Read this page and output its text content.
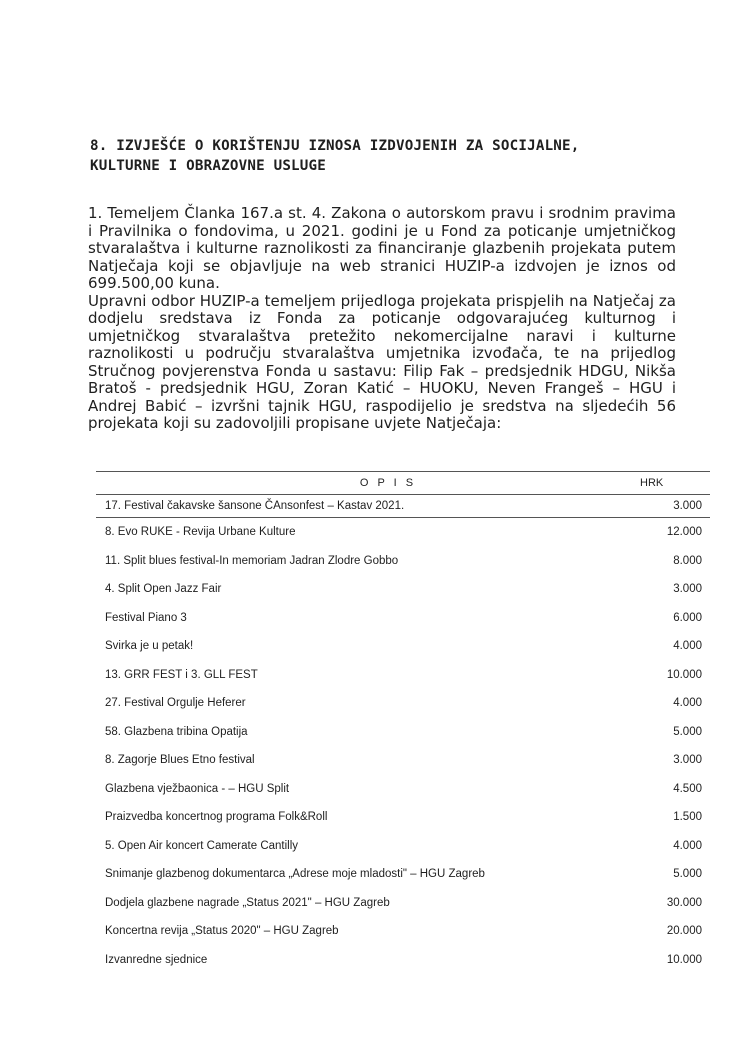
8. IZVJEŠĆE O KORIŠTENJU IZNOSA IZDVOJENIH ZA SOCIJALNE,
KULTURNE I OBRAZOVNE USLUGE

1. Temeljem Članka 167.a st. 4. Zakona o autorskom pravu i srodnim pravima i Pravilnika o fondovima, u 2021. godini je u Fond za poticanje umjetničkog stvaralaštva i kulturne raznolikosti za financiranje glazbenih projekata putem Natječaja koji se objavljuje na web stranici HUZIP-a izdvojen je iznos od 699.500,00 kuna.

Upravni odbor HUZIP-a temeljem prijedloga projekata prispjelih na Natječaj za dodjelu sredstava iz Fonda za poticanje odgovarajućeg kulturnog i umjetničkog stvaralaštva pretežito nekomercijalne naravi i kulturne raznolikosti u području stvaralaštva umjetnika izvođača, te na prijedlog Stručnog povjerenstva Fonda u sastavu: Filip Fak – predsjednik HDGU, Nikša Bratoš - predsjednik HGU, Zoran Katić – HUOKU, Neven Frangeš – HGU i Andrej Babić – izvršni tajnik HGU, raspodijelio je sredstva na sljedećih 56 projekata koji su zadovoljili propisane uvjete Natječaja:

O P I S	HRK
17. Festival čakavske šansone ČAnsonfest – Kastav 2021.	3.000
8. Evo RUKE - Revija Urbane Kulture	12.000
11. Split blues festival-In memoriam Jadran Zlodre Gobbo	8.000
4. Split Open Jazz Fair	3.000
Festival Piano 3	6.000
Svirka je u petak!	4.000
13. GRR FEST i 3. GLL FEST	10.000
27. Festival Orgulje Heferer	4.000
58. Glazbena tribina Opatija	5.000
8. Zagorje Blues Etno festival	3.000
Glazbena vježbaonica - – HGU Split	4.500
Praizvedba koncertnog programa Folk&Roll	1.500
5. Open Air koncert Camerate Cantilly	4.000
Snimanje glazbenog dokumentarca „Adrese moje mladosti" – HGU Zagreb	5.000
Dodjela glazbene nagrade „Status 2021" – HGU Zagreb	30.000
Koncertna revija „Status 2020" – HGU Zagreb	20.000
Izvanredne sjednice	10.000
